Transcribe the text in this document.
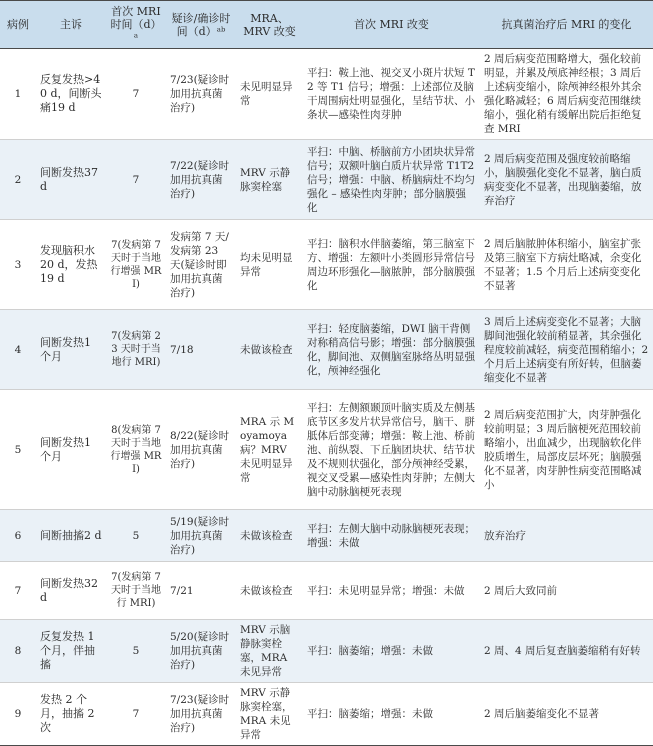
病例	主诉	首次 MRI 时间（d）ᵃ	疑诊/确诊时间（d）ᵃᵇ	MRA、MRV 改变	首次 MRI 改变	抗真菌治疗后 MRI 的变化
1	反复发热>40 d，间断头痛19 d	7	7/23(疑诊时加用抗真菌治疗)	未见明显异常	平扫：鞍上池、视交叉小斑片状短 T2 等 T1 信号；增强：上述部位及脑干周围病灶明显强化，呈结节状、小条状—感染性肉芽肿	2 周后病变范围略增大，强化较前明显，并累及颅底神经根；3 周后上述病变缩小，除颅神经根外其余强化略减轻；6 周后病变范围继续缩小，强化稍有缓解出院后拒绝复查 MRI
2	间断发热37 d	7	7/22(疑诊时加用抗真菌治疗)	MRV 示静脉窦栓塞	平扫：中脑、桥脑前方小团块状异常信号；双额叶脑白质片状异常 T1T2 信号；增强：中脑、桥脑病灶不均匀强化 – 感染性肉芽肿；部分脑膜强化	2 周后病变范围及强度较前略缩小，脑膜强化变化不显著，脑白质病变变化不显著，出现脑萎缩，放弃治疗
3	发现脑积水 20 d，发热 19 d	7(发病第 7 天时于当地行增强 MRI)	发病第 7 天/发病第 23 天(疑诊时即加用抗真菌治疗)	均未见明显异常	平扫：脑积水伴脑萎缩，第三脑室下方、增强：左额叶小类圆形异常信号周边环形强化—脑脓肿，部分脑膜强化	2 周后脑脓肿体积缩小，脑室扩张及第三脑室下方病灶略减，余变化不显著；1.5 个月后上述病变变化不显著
4	间断发热1 个月	7(发病第 23 天时于当地行 MRI)	7/18	未做该检查	平扫：轻度脑萎缩，DWI 脑干背侧对称稍高信号影；增强：部分脑膜强化，脚间池、双侧脑室脉络丛明显强化，颅神经强化	3 周后上述病变变化不显著；大脑脚间池强化较前稍显著，其余强化程度较前减轻，病变范围稍缩小；2 个月后上述病变有所好转，但脑萎缩变化不显著
5	间断发热1 个月	8(发病第 7 天时于当地行增强 MRI)	8/22(疑诊时加用抗真菌治疗)	MRA 示 Moyamoya 病？MRV 未见明显异常	平扫：左侧额颞顶叶脑实质及左侧基底节区多发片状异常信号，脑干、胼胝体后部变薄；增强：鞍上池、桥前池、前纵裂、下丘脑团块状、结节状及不规则状强化，部分颅神经受累，视交叉受累—感染性肉芽肿；左侧大脑中动脉脑梗死表现	2 周后病变范围扩大，肉芽肿强化较前明显；3 周后脑梗死范围较前略缩小，出血减少，出现脑软化伴胶质增生，局部皮层坏死；脑膜强化不显著，肉芽肿性病变范围略减小
6	间断抽搐2 d	5	5/19(疑诊时加用抗真菌治疗)	未做该检查	平扫：左侧大脑中动脉脑梗死表现；增强：未做	放弃治疗
7	间断发热32 d	7(发病第 7 天时于当地行 MRI)	7/21	未做该检查	平扫：未见明显异常；增强：未做	2 周后大致同前
8	反复发热 1 个月，伴抽搐	5	5/20(疑诊时加用抗真菌治疗)	MRV 示脑静脉窦栓塞，MRA 未见异常	平扫：脑萎缩；增强：未做	2 周、4 周后复查脑萎缩稍有好转
9	发热 2 个月，抽搐 2 次	7	7/23(疑诊时加用抗真菌治疗)	MRV 示静脉窦栓塞，MRA 未见异常	平扫：脑萎缩；增强：未做	2 周后脑萎缩变化不显著
